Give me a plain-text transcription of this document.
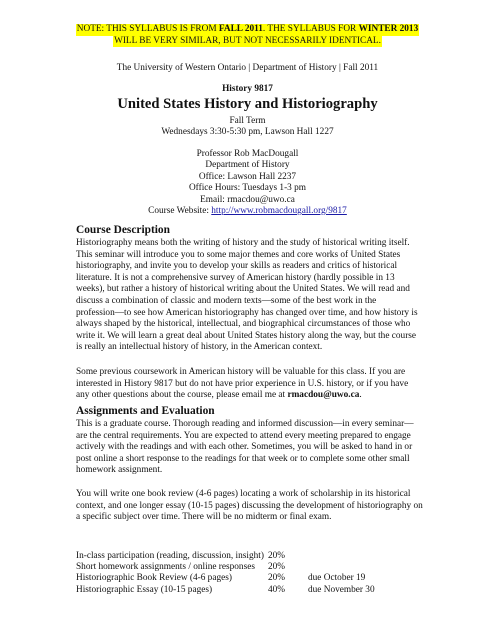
NOTE: THIS SYLLABUS IS FROM FALL 2011. THE SYLLABUS FOR WINTER 2013
WILL BE VERY SIMILAR, BUT NOT NECESSARILY IDENTICAL.
The University of Western Ontario | Department of History | Fall 2011
History 9817
United States History and Historiography
Fall Term
Wednesdays 3:30-5:30 pm, Lawson Hall 1227
Professor Rob MacDougall
Department of History
Office: Lawson Hall 2237
Office Hours: Tuesdays 1-3 pm
Email: rmacdou@uwo.ca
Course Website: http://www.robmacdougall.org/9817
Course Description
Historiography means both the writing of history and the study of historical writing itself.
This seminar will introduce you to some major themes and core works of United States
historiography, and invite you to develop your skills as readers and critics of historical
literature. It is not a comprehensive survey of American history (hardly possible in 13
weeks), but rather a history of historical writing about the United States. We will read and
discuss a combination of classic and modern texts—some of the best work in the
profession—to see how American historiography has changed over time, and how history is
always shaped by the historical, intellectual, and biographical circumstances of those who
write it. We will learn a great deal about United States history along the way, but the course
is really an intellectual history of history, in the American context.
Some previous coursework in American history will be valuable for this class. If you are
interested in History 9817 but do not have prior experience in U.S. history, or if you have
any other questions about the course, please email me at rmacdou@uwo.ca.
Assignments and Evaluation
This is a graduate course. Thorough reading and informed discussion—in every seminar—
are the central requirements. You are expected to attend every meeting prepared to engage
actively with the readings and with each other. Sometimes, you will be asked to hand in or
post online a short response to the readings for that week or to complete some other small
homework assignment.
You will write one book review (4-6 pages) locating a work of scholarship in its historical
context, and one longer essay (10-15 pages) discussing the development of historiography on
a specific subject over time. There will be no midterm or final exam.
In-class participation (reading, discussion, insight) 20%
Short homework assignments / online responses 20%
Historiographic Book Review (4-6 pages)	20% due October 19
Historiographic Essay (10-15 pages)	40% due November 30
